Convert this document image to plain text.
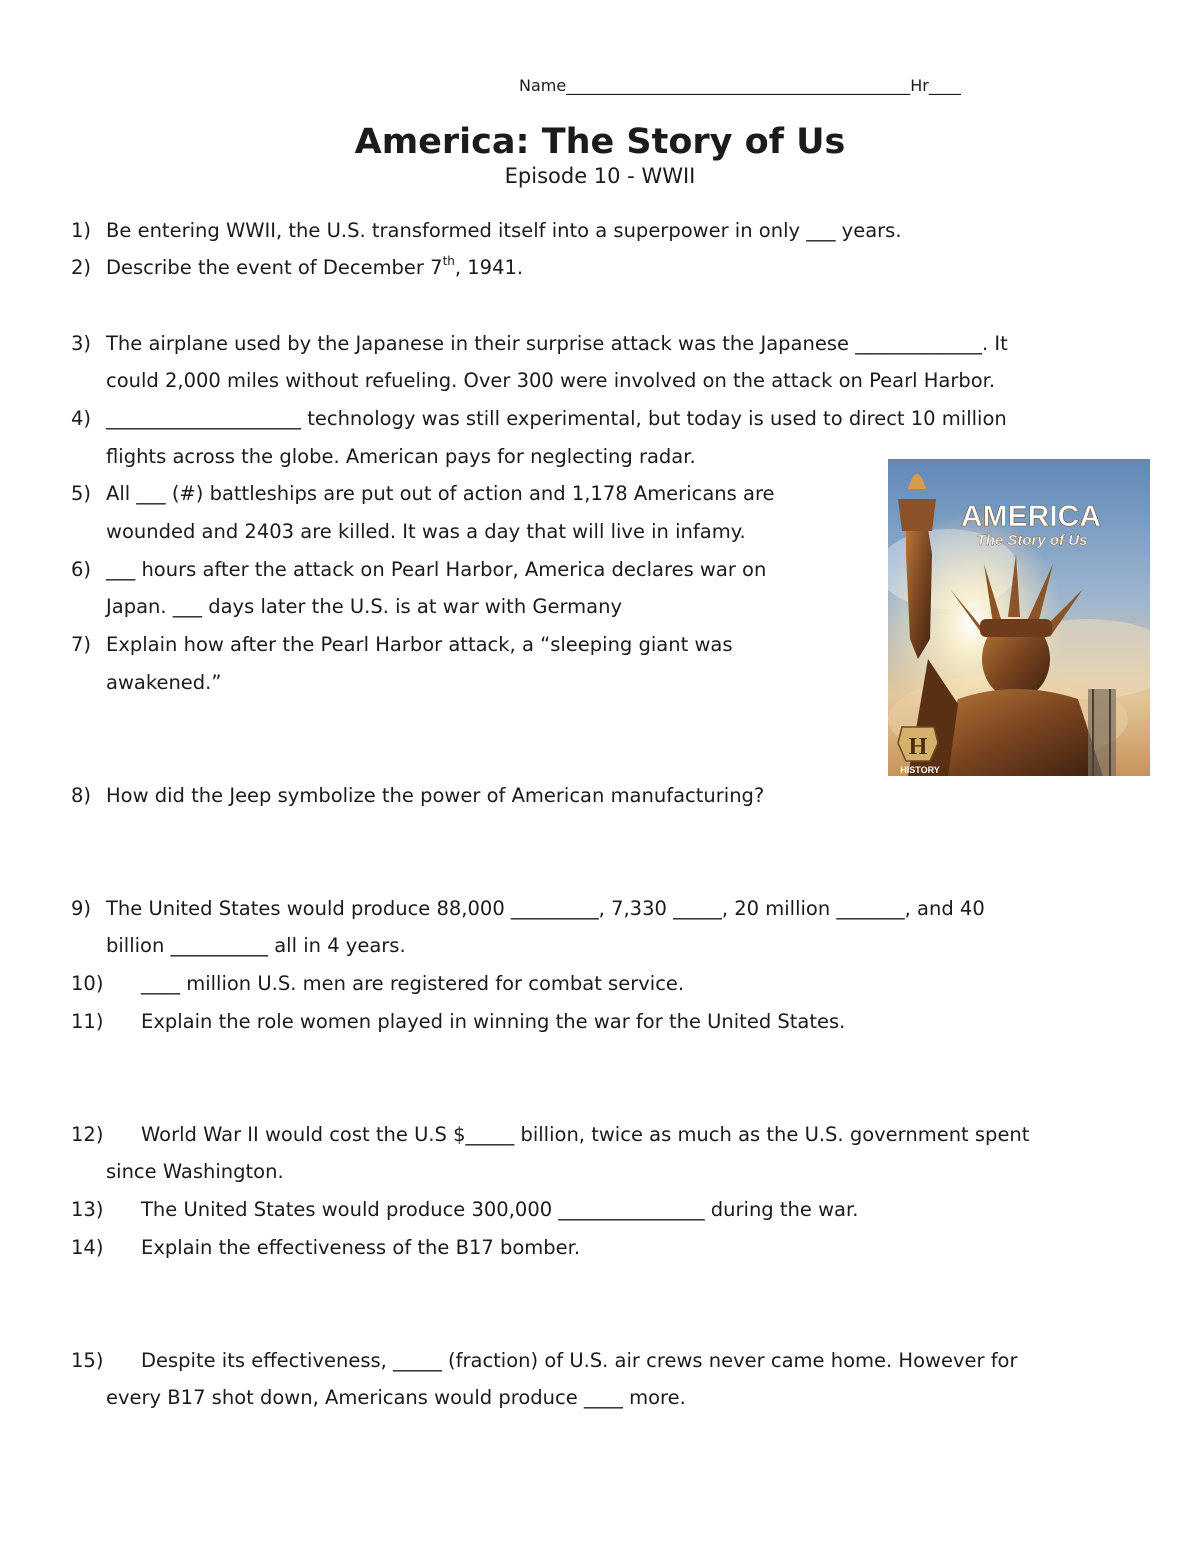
Name___________________________________________Hr____
America: The Story of Us
Episode 10 - WWII
1) Be entering WWII, the U.S. transformed itself into a superpower in only ___ years.
2) Describe the event of December 7th, 1941.
3) The airplane used by the Japanese in their surprise attack was the Japanese _____________. It
could 2,000 miles without refueling. Over 300 were involved on the attack on Pearl Harbor.
4) ____________________ technology was still experimental, but today is used to direct 10 million
flights across the globe. American pays for neglecting radar.
5) All ___ (#) battleships are put out of action and 1,178 Americans are
wounded and 2403 are killed. It was a day that will live in infamy.
6) ___ hours after the attack on Pearl Harbor, America declares war on
Japan. ___ days later the U.S. is at war with Germany
7) Explain how after the Pearl Harbor attack, a “sleeping giant was
awakened.”
8) How did the Jeep symbolize the power of American manufacturing?
9) The United States would produce 88,000 _________, 7,330 _____, 20 million _______, and 40
billion __________ all in 4 years.
10) ____ million U.S. men are registered for combat service.
11) Explain the role women played in winning the war for the United States.
12) World War II would cost the U.S $_____ billion, twice as much as the U.S. government spent
since Washington.
13) The United States would produce 300,000 _______________ during the war.
14) Explain the effectiveness of the B17 bomber.
15) Despite its effectiveness, _____ (fraction) of U.S. air crews never came home. However for
every B17 shot down, Americans would produce ____ more.
AMERICA
The Story of Us
H
HISTORY
